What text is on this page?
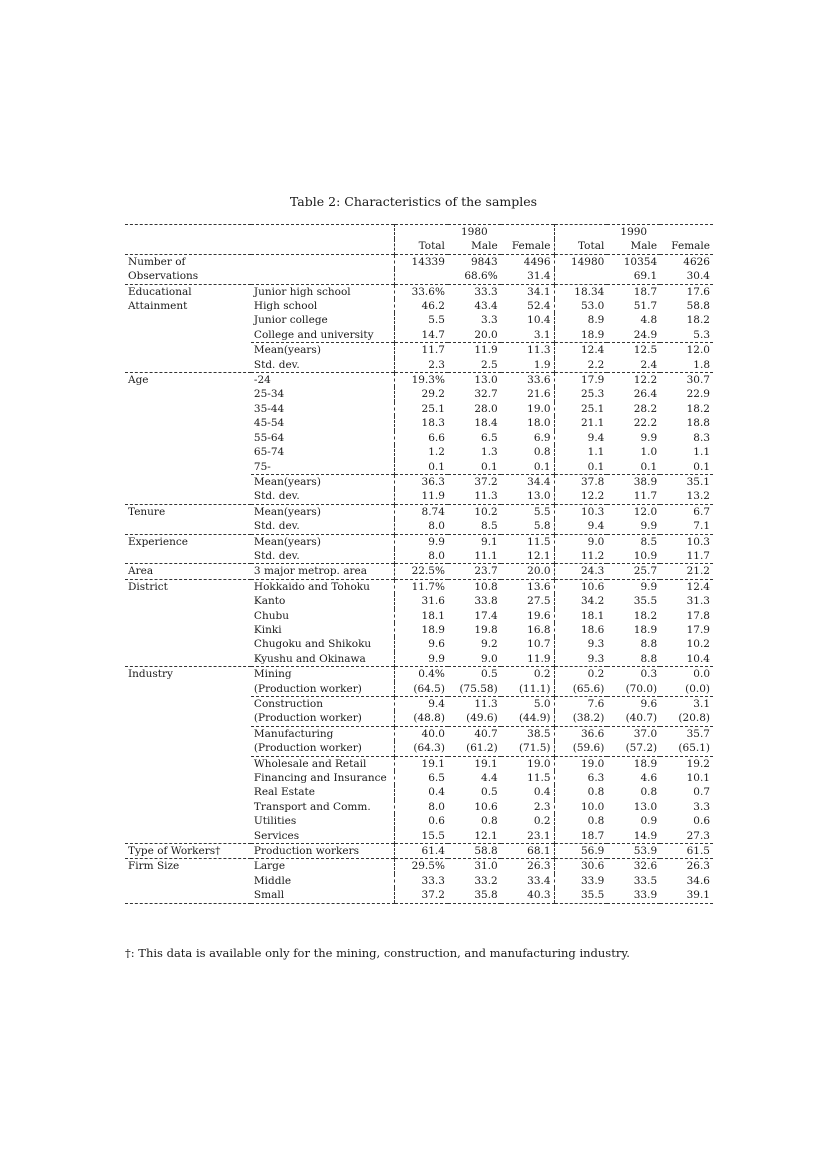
Table 2: Characteristics of the samples
		1980			1990		
		Total	Male	Female	Total	Male	Female
Number of		14339	9843	4496	14980	10354	4626
Observations			68.6%	31.4		69.1	30.4
Educational	Junior high school	33.6%	33.3	34.1	18.34	18.7	17.6
Attainment	High school	46.2	43.4	52.4	53.0	51.7	58.8
	Junior college	5.5	3.3	10.4	8.9	4.8	18.2
	College and university	14.7	20.0	3.1	18.9	24.9	5.3
	Mean(years)	11.7	11.9	11.3	12.4	12.5	12.0
	Std. dev.	2.3	2.5	1.9	2.2	2.4	1.8
Age	-24	19.3%	13.0	33.6	17.9	12.2	30.7
	25-34	29.2	32.7	21.6	25.3	26.4	22.9
	35-44	25.1	28.0	19.0	25.1	28.2	18.2
	45-54	18.3	18.4	18.0	21.1	22.2	18.8
	55-64	6.6	6.5	6.9	9.4	9.9	8.3
	65-74	1.2	1.3	0.8	1.1	1.0	1.1
	75-	0.1	0.1	0.1	0.1	0.1	0.1
	Mean(years)	36.3	37.2	34.4	37.8	38.9	35.1
	Std. dev.	11.9	11.3	13.0	12.2	11.7	13.2
Tenure	Mean(years)	8.74	10.2	5.5	10.3	12.0	6.7
	Std. dev.	8.0	8.5	5.8	9.4	9.9	7.1
Experience	Mean(years)	9.9	9.1	11.5	9.0	8.5	10.3
	Std. dev.	8.0	11.1	12.1	11.2	10.9	11.7
Area	3 major metrop. area	22.5%	23.7	20.0	24.3	25.7	21.2
District	Hokkaido and Tohoku	11.7%	10.8	13.6	10.6	9.9	12.4
	Kanto	31.6	33.8	27.5	34.2	35.5	31.3
	Chubu	18.1	17.4	19.6	18.1	18.2	17.8
	Kinki	18.9	19.8	16.8	18.6	18.9	17.9
	Chugoku and Shikoku	9.6	9.2	10.7	9.3	8.8	10.2
	Kyushu and Okinawa	9.9	9.0	11.9	9.3	8.8	10.4
Industry	Mining	0.4%	0.5	0.2	0.2	0.3	0.0
	(Production worker)	(64.5)	(75.58)	(11.1)	(65.6)	(70.0)	(0.0)
	Construction	9.4	11.3	5.0	7.6	9.6	3.1
	(Production worker)	(48.8)	(49.6)	(44.9)	(38.2)	(40.7)	(20.8)
	Manufacturing	40.0	40.7	38.5	36.6	37.0	35.7
	(Production worker)	(64.3)	(61.2)	(71.5)	(59.6)	(57.2)	(65.1)
	Wholesale and Retail	19.1	19.1	19.0	19.0	18.9	19.2
	Financing and Insurance	6.5	4.4	11.5	6.3	4.6	10.1
	Real Estate	0.4	0.5	0.4	0.8	0.8	0.7
	Transport and Comm.	8.0	10.6	2.3	10.0	13.0	3.3
	Utilities	0.6	0.8	0.2	0.8	0.9	0.6
	Services	15.5	12.1	23.1	18.7	14.9	27.3
Type of Workers†	Production workers	61.4	58.8	68.1	56.9	53.9	61.5
Firm Size	Large	29.5%	31.0	26.3	30.6	32.6	26.3
	Middle	33.3	33.2	33.4	33.9	33.5	34.6
	Small	37.2	35.8	40.3	35.5	33.9	39.1
†: This data is available only for the mining, construction, and manufacturing industry.
